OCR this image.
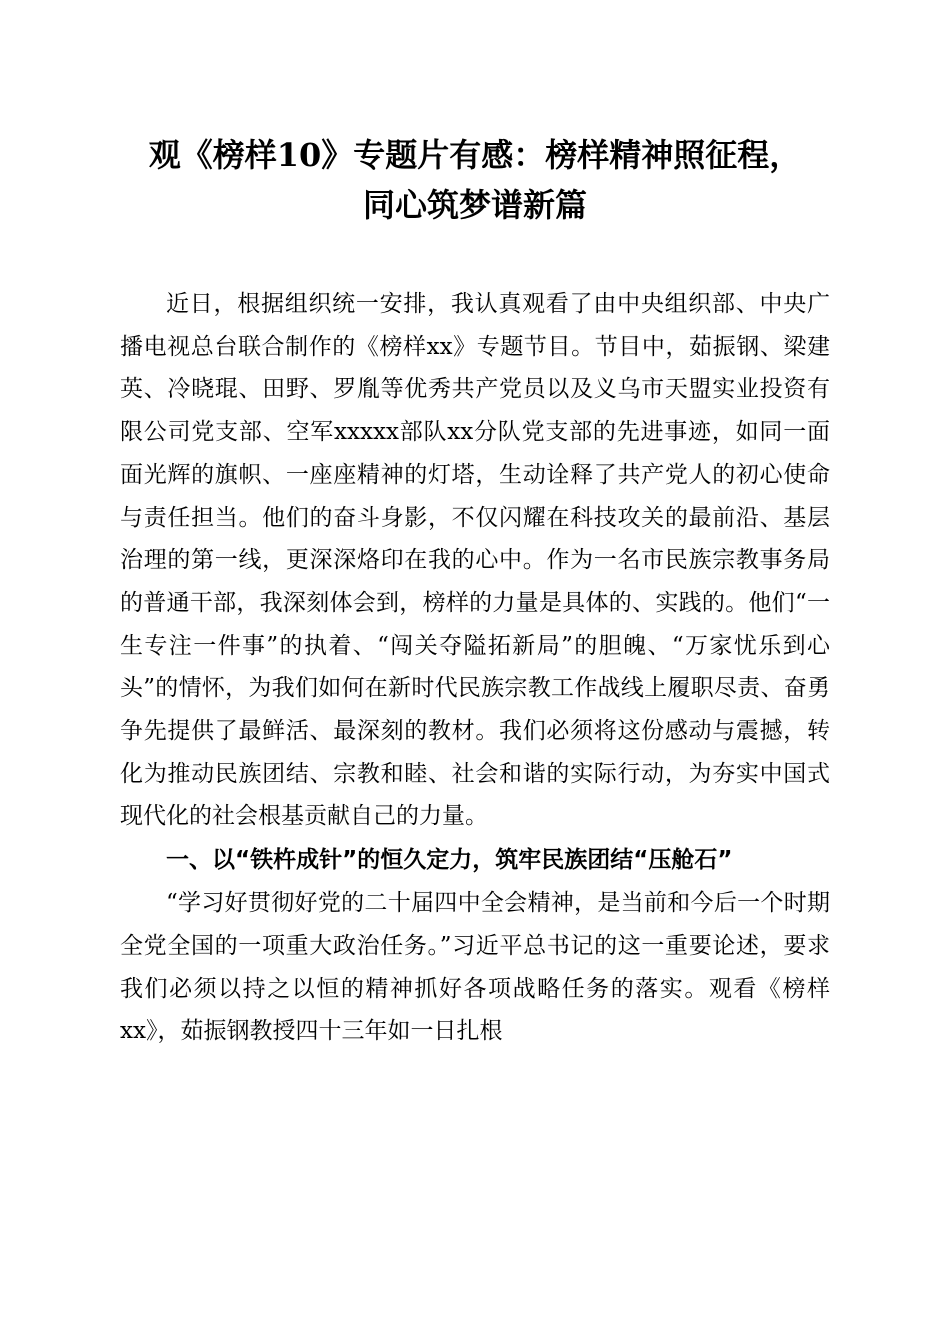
观《榜样10》专题片有感：榜样精神照征程，
同心筑梦谱新篇

近日，根据组织统一安排，我认真观看了由中央组织部、中央广播电视总台联合制作的《榜样xx》专题节目。节目中，茹振钢、梁建英、冷晓琨、田野、罗胤等优秀共产党员以及义乌市天盟实业投资有限公司党支部、空军xxxxx部队xx分队党支部的先进事迹，如同一面面光辉的旗帜、一座座精神的灯塔，生动诠释了共产党人的初心使命与责任担当。他们的奋斗身影，不仅闪耀在科技攻关的最前沿、基层治理的第一线，更深深烙印在我的心中。作为一名市民族宗教事务局的普通干部，我深刻体会到，榜样的力量是具体的、实践的。他们“一生专注一件事”的执着、“闯关夺隘拓新局”的胆魄、“万家忧乐到心头”的情怀，为我们如何在新时代民族宗教工作战线上履职尽责、奋勇争先提供了最鲜活、最深刻的教材。我们必须将这份感动与震撼，转化为推动民族团结、宗教和睦、社会和谐的实际行动，为夯实中国式现代化的社会根基贡献自己的力量。

一、以“铁杵成针”的恒久定力，筑牢民族团结“压舱石”

“学习好贯彻好党的二十届四中全会精神，是当前和今后一个时期全党全国的一项重大政治任务。”习近平总书记的这一重要论述，要求我们必须以持之以恒的精神抓好各项战略任务的落实。观看《榜样xx》，茹振钢教授四十三年如一日扎根
